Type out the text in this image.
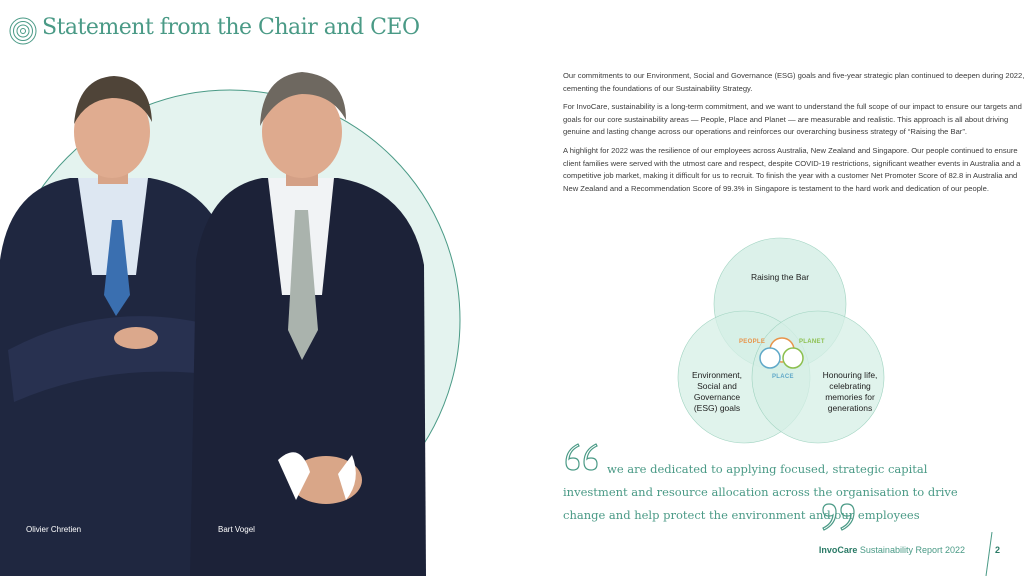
Statement from the Chair and CEO
Olivier Chretien	Bart Vogel

Our commitments to our Environment, Social and Governance (ESG) goals and five-year strategic plan continued to deepen during 2022, cementing the foundations of our Sustainability Strategy.

For InvoCare, sustainability is a long-term commitment, and we want to understand the full scope of our impact to ensure our targets and goals for our core sustainability areas — People, Place and Planet — are measurable and realistic. This approach is all about driving genuine and lasting change across our operations and reinforces our overarching business strategy of “Raising the Bar”.

A highlight for 2022 was the resilience of our employees across Australia, New Zealand and Singapore. Our people continued to ensure client families were served with the utmost care and respect, despite COVID-19 restrictions, significant weather events in Australia and a competitive job market, making it difficult for us to recruit. To finish the year with a customer Net Promoter Score of 82.8 in Australia and New Zealand and a Recommendation Score of 99.3% in Singapore is testament to the hard work and dedication of our people.

Raising the Bar
Environment, Social and Governance (ESG) goals
Honouring life, celebrating memories for generations
PEOPLE	PLANET
PLACE
we are dedicated to applying focused, strategic capital investment and resource allocation across the organisation to drive change and help protect the environment and our employees
InvoCare Sustainability Report 2022	2
